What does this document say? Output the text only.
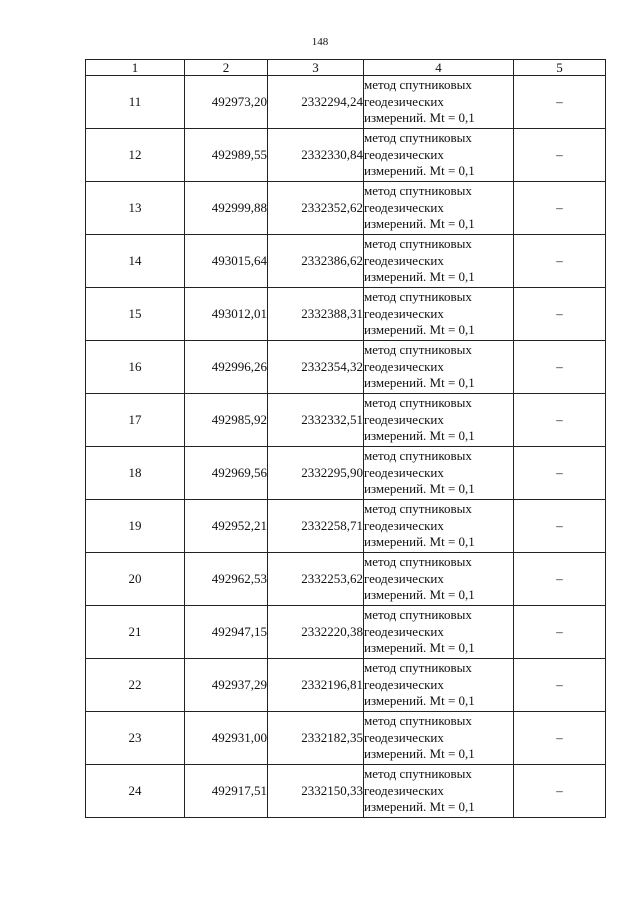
148
1	2	3	4	5
11	492973,20	2332294,24	метод спутниковых
геодезических
измерений. Mt = 0,1	–
12	492989,55	2332330,84	метод спутниковых
геодезических
измерений. Mt = 0,1	–
13	492999,88	2332352,62	метод спутниковых
геодезических
измерений. Mt = 0,1	–
14	493015,64	2332386,62	метод спутниковых
геодезических
измерений. Mt = 0,1	–
15	493012,01	2332388,31	метод спутниковых
геодезических
измерений. Mt = 0,1	–
16	492996,26	2332354,32	метод спутниковых
геодезических
измерений. Mt = 0,1	–
17	492985,92	2332332,51	метод спутниковых
геодезических
измерений. Mt = 0,1	–
18	492969,56	2332295,90	метод спутниковых
геодезических
измерений. Mt = 0,1	–
19	492952,21	2332258,71	метод спутниковых
геодезических
измерений. Mt = 0,1	–
20	492962,53	2332253,62	метод спутниковых
геодезических
измерений. Mt = 0,1	–
21	492947,15	2332220,38	метод спутниковых
геодезических
измерений. Mt = 0,1	–
22	492937,29	2332196,81	метод спутниковых
геодезических
измерений. Mt = 0,1	–
23	492931,00	2332182,35	метод спутниковых
геодезических
измерений. Mt = 0,1	–
24	492917,51	2332150,33	метод спутниковых
геодезических
измерений. Mt = 0,1	–
